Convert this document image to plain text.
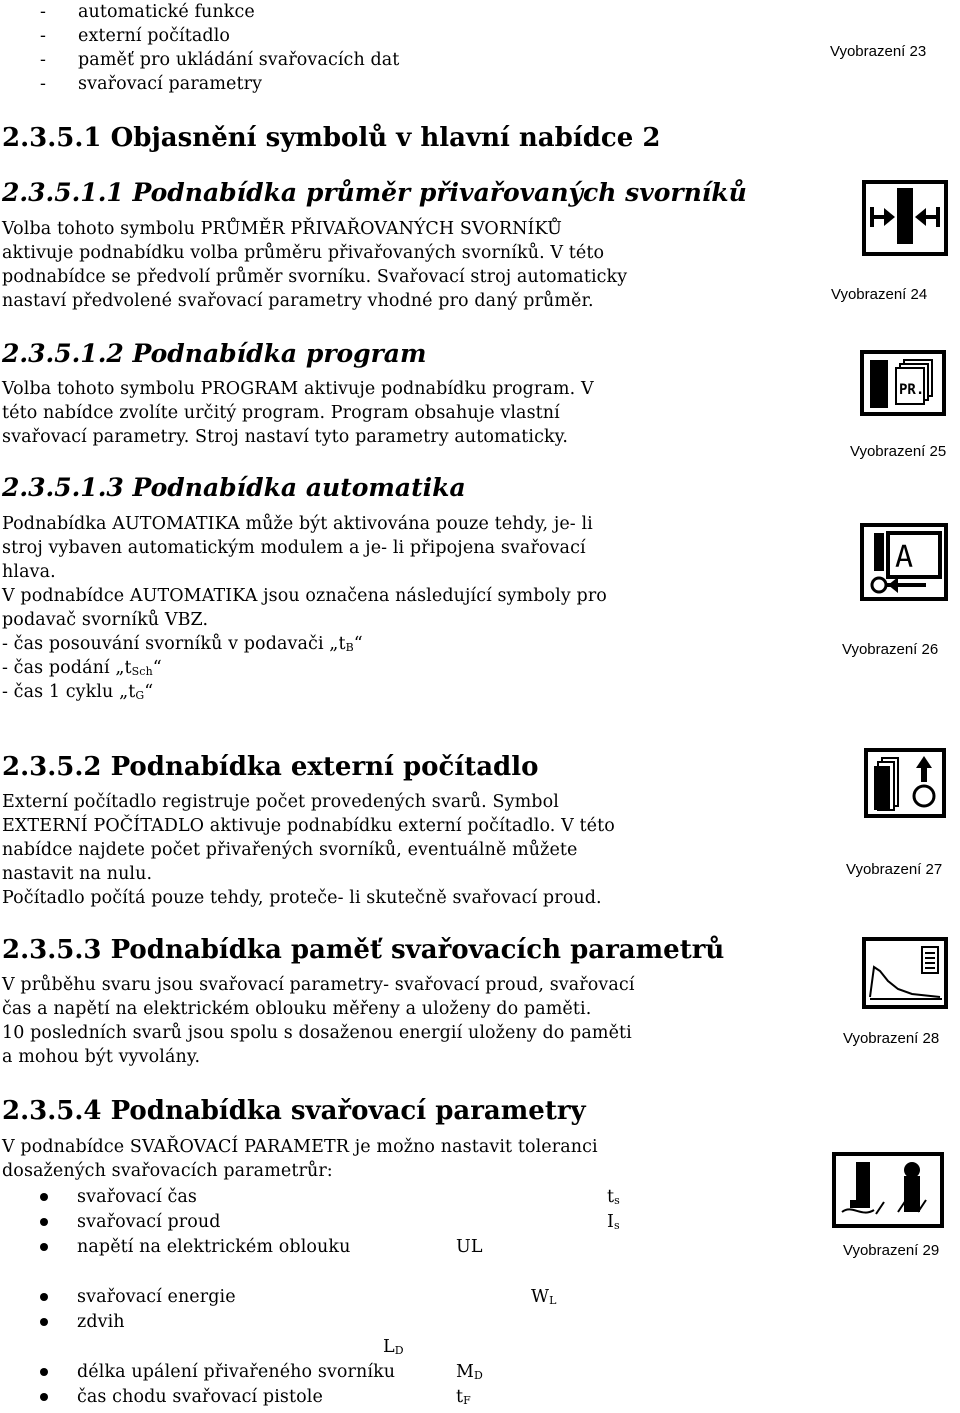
- automatické funkce
- externí počítadlo
- paměť pro ukládání svařovacích dat
- svařovací parametry
Vyobrazení 23
2.3.5.1 Objasnění symbolů v hlavní nabídce 2
2.3.5.1.1 Podnabídka průměr přivařovaných svorníků
Volba tohoto symbolu PRŮMĚR PŘIVAŘOVANÝCH SVORNÍKŮ
aktivuje podnabídku volba průměru přivařovaných svorníků. V této
podnabídce se předvolí průměr svorníku. Svařovací stroj automaticky
nastaví předvolené svařovací parametry vhodné pro daný průměr.	Vyobrazení 24
2.3.5.1.2 Podnabídka program
Volba tohoto symbolu PROGRAM aktivuje podnabídku program. V
této nabídce zvolíte určitý program. Program obsahuje vlastní
svařovací parametry. Stroj nastaví tyto parametry automaticky.
PR.
Vyobrazení 25
2.3.5.1.3 Podnabídka automatika
Podnabídka AUTOMATIKA může být aktivována pouze tehdy, je- li
stroj vybaven automatickým modulem a je- li připojena svařovací
hlava.
V podnabídce AUTOMATIKA jsou označena následující symboly pro
podavač svorníků VBZ.
- čas posouvání svorníků v podavači $„t_B“$
- čas podání $„t_{Sch}“$
- čas 1 cyklu $„t_G“$
A
Vyobrazení 26
2.3.5.2 Podnabídka externí počítadlo
Externí počítadlo registruje počet provedených svarů. Symbol
EXTERNÍ POČÍTADLO aktivuje podnabídku externí počítadlo. V této
nabídce najdete počet přivařených svorníků, eventuálně můžete
nastavit na nulu.
Počítadlo počítá pouze tehdy, proteče- li skutečně svařovací proud.
Vyobrazení 27
2.3.5.3 Podnabídka paměť svařovacích parametrů
V průběhu svaru jsou svařovací parametry- svařovací proud, svařovací
čas a napětí na elektrickém oblouku měřeny a uloženy do paměti.
10 posledních svarů jsou spolu s dosaženou energií uloženy do paměti
a mohou být vyvolány.
Vyobrazení 28
2.3.5.4 Podnabídka svařovací parametry
V podnabídce SVAŘOVACÍ PARAMETR je možno nastavit toleranci
dosažených svařovacích parametrůr:
svařovací čas	$t_s$
svařovací proud	$I_s$
napětí na elektrickém oblouku	UL
svařovací energie	$W_L$
zdvih
$L_D$
délka upálení přivařeného svorníku	$M_D$
čas chodu svařovací pistole	$t_F$
Vyobrazení 29
